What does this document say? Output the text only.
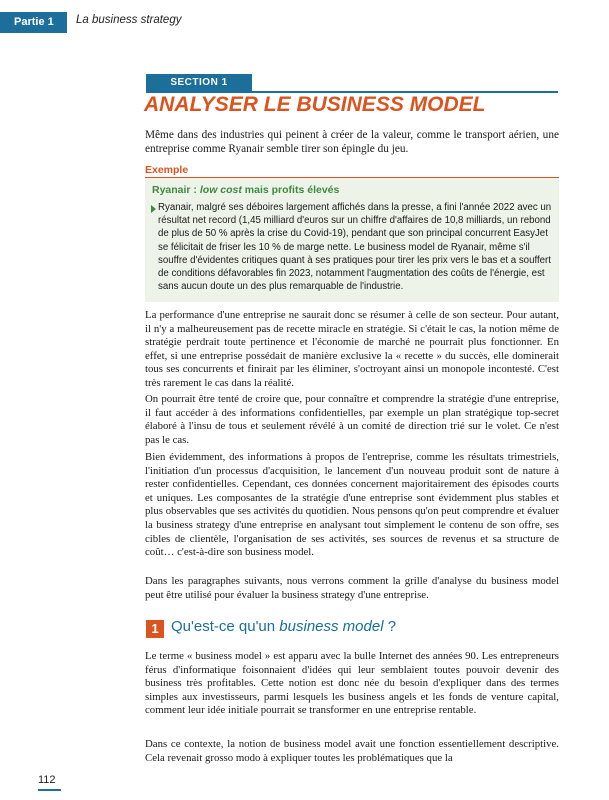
Partie 1	La business strategy
SECTION 1
ANALYSER LE BUSINESS MODEL

Même dans des industries qui peinent à créer de la valeur, comme le transport aérien, une entreprise comme Ryanair semble tirer son épingle du jeu.

Exemple
Ryanair : low cost mais profits élevés

Ryanair, malgré ses déboires largement affichés dans la presse, a fini l'année 2022 avec un résultat net record (1,45 milliard d'euros sur un chiffre d'affaires de 10,8 milliards, un rebond de plus de 50 % après la crise du Covid-19), pendant que son principal concurrent EasyJet se félicitait de friser les 10 % de marge nette. Le business model de Ryanair, même s'il souffre d'évidentes critiques quant à ses pratiques pour tirer les prix vers le bas et a souffert de conditions défavorables fin 2023, notamment l'augmentation des coûts de l'énergie, est sans aucun doute un des plus remarquable de l'industrie.

La performance d'une entreprise ne saurait donc se résumer à celle de son secteur. Pour autant, il n'y a malheureusement pas de recette miracle en stratégie. Si c'était le cas, la notion même de stratégie perdrait toute pertinence et l'économie de marché ne pourrait plus fonctionner. En effet, si une entreprise possédait de manière exclusive la « recette » du succès, elle dominerait tous ses concurrents et finirait par les éliminer, s'octroyant ainsi un monopole incontesté. C'est très rarement le cas dans la réalité.

On pourrait être tenté de croire que, pour connaître et comprendre la stratégie d'une entreprise, il faut accéder à des informations confidentielles, par exemple un plan stratégique top-secret élaboré à l'insu de tous et seulement révélé à un comité de direction trié sur le volet. Ce n'est pas le cas.

Bien évidemment, des informations à propos de l'entreprise, comme les résultats trimestriels, l'initiation d'un processus d'acquisition, le lancement d'un nouveau produit sont de nature à rester confidentielles. Cependant, ces données concernent majoritairement des épisodes courts et uniques. Les composantes de la stratégie d'une entreprise sont évidemment plus stables et plus observables que ses activités du quotidien. Nous pensons qu'on peut comprendre et évaluer la business strategy d'une entreprise en analysant tout simplement le contenu de son offre, ses cibles de clientèle, l'organisation de ses activités, ses sources de revenus et sa structure de coût… c'est-à-dire son business model.

Dans les paragraphes suivants, nous verrons comment la grille d'analyse du business model peut être utilisé pour évaluer la business strategy d'une entreprise.

1 Qu'est-ce qu'un business model ?

Le terme « business model » est apparu avec la bulle Internet des années 90. Les entrepreneurs férus d'informatique foisonnaient d'idées qui leur semblaient toutes pouvoir devenir des business très profitables. Cette notion est donc née du besoin d'expliquer dans des termes simples aux investisseurs, parmi lesquels les business angels et les fonds de venture capital, comment leur idée initiale pourrait se transformer en une entreprise rentable.

Dans ce contexte, la notion de business model avait une fonction essentiellement descriptive. Cela revenait grosso modo à expliquer toutes les problématiques que la

112
